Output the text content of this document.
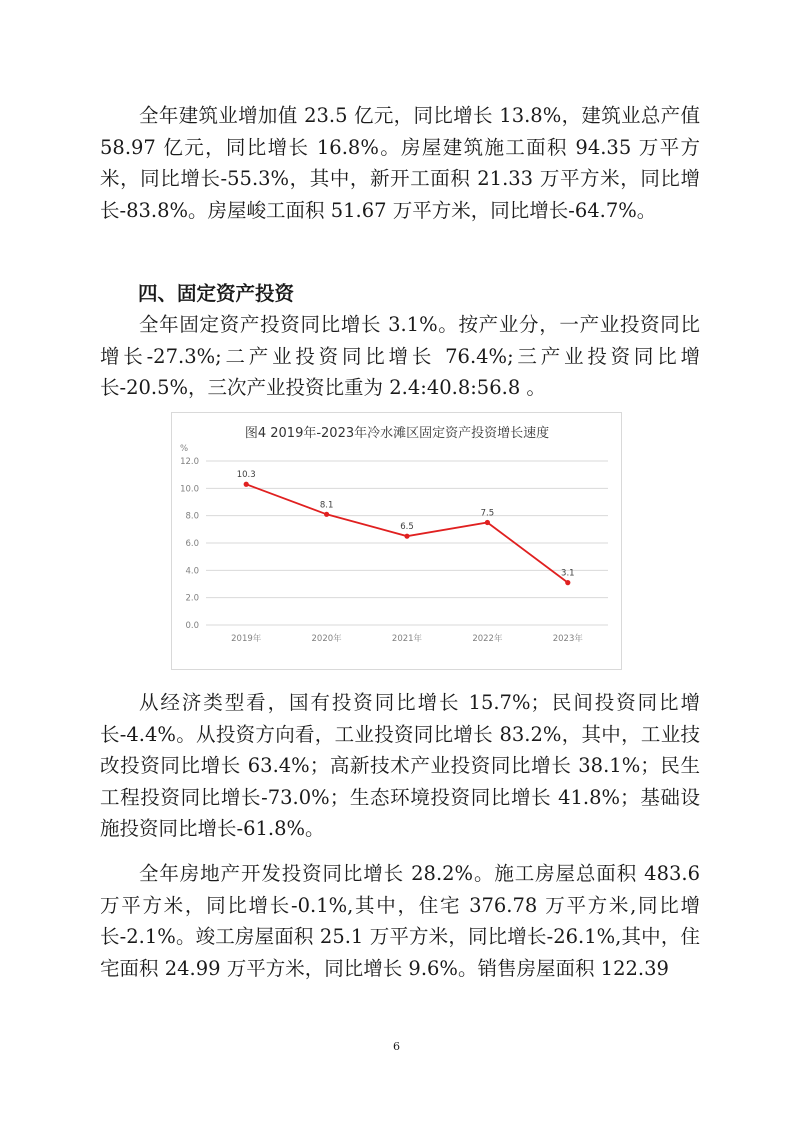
全年建筑业增加值 23.5 亿元，同比增长 13.8%，建筑业总产值 58.97 亿元，同比增长 16.8%。房屋建筑施工面积 94.35 万平方米，同比增长-55.3%，其中，新开工面积 21.33 万平方米，同比增长-83.8%。房屋峻工面积 51.67 万平方米，同比增长-64.7%。

四、固定资产投资

全年固定资产投资同比增长 3.1%。按产业分，一产业投资同比增长-27.3%;二产业投资同比增长 76.4%;三产业投资同比增长-20.5%，三次产业投资比重为 2.4:40.8:56.8 。

图4 2019年-2023年冷水滩区固定资产投资增长速度
%
0.0
2.0
4.0
6.0
8.0
10.0
12.0
2019年	2020年	2021年	2022年	2023年
10.3
8.1
6.5
7.5
3.1

从经济类型看，国有投资同比增长 15.7%；民间投资同比增长-4.4%。从投资方向看，工业投资同比增长 83.2%，其中，工业技改投资同比增长 63.4%；高新技术产业投资同比增长 38.1%；民生工程投资同比增长-73.0%；生态环境投资同比增长 41.8%；基础设施投资同比增长-61.8%。

全年房地产开发投资同比增长 28.2%。施工房屋总面积 483.6 万平方米，同比增长-0.1%,其中，住宅 376.78 万平方米,同比增长-2.1%。竣工房屋面积 25.1 万平方米，同比增长-26.1%,其中，住宅面积 24.99 万平方米，同比增长 9.6%。销售房屋面积 122.39

6
